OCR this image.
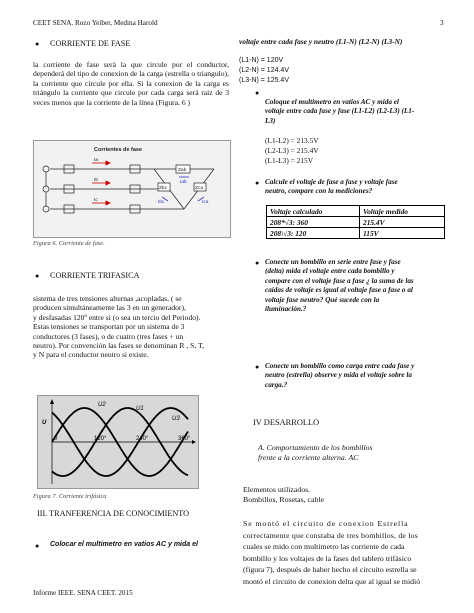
CEET SENA. Rozo Yeiber, Medina Harold	3
● CORRIENTE DE FASE
la corriente de fase será la que circule por el conductor, dependerá del tipo de conexion de la carga (estrella o triangulo), la corriente que circule por ella. Si la conexion de la carga es triángulo la corriente que circule por cada carga será raiz de 3 veces menos que la corriente de la línea (Figura. 6 )
Corrientes de fase
Ia
Ib
Ic
Zab
Zbc	Zca
Iab
Ibc	Ica
Figura 6. Corriente de fase.
● CORRIENTE TRIFASICA
sistema de tres tensiones alternas ,acopladas, ( se
producen simultáneamente las 3 en un generador),
y desfasadas 120º entre si (o sea un tercio del Periodo).
Estas tensiones se transportan por un sistema de 3
conductores (3 fases), o de cuatro (tres fases + un
neutro). Por convención las fases se denominan R , S, T,
y N para el conductor neutro si existe.
U
U1
U2
U3
120°	240°	360°
0
Figura 7. Corriente trifásica
III. TRANFERENCIA DE CONOCIMIENTO
● Colocar el multimetro en vatios AC y mida el
Informe IEEE. SENA CEET. 2015
voltaje entre cada fase y neutro (L1-N) (L2-N) (L3-N)
(L1-N) = 120V
(L2-N) = 124.4V
(L3-N) = 125.4V
●
Coloque el multimetro en vatios AC y mida el
voltaje entre cada fase y fase (L1-L2) (L2-L3) (L1-
L3)
(L1-L2) = 213.5V
(L2-L3) = 215.4V
(L1-L3) = 215V
● Calcule el voltaje de fase a fase y voltaje fase
neutro, compare con la mediciones?
Voltaje calculado	Voltaje medido
208*√3: 360	215.4V
208\√3: 120	115V
● Conecte un bombillo en serie entre fase y fase
(delta) mida el voltaje entre cada bombillo y
compare con el voltaje fase a fase ¿ la suma de las
caídas de voltaje es igual al voltaje fase a fase o al
voltaje fase neutro? Qué sucede con la
iluminación.?
● Conecte un bombillo como carga entre cada fase y
neutro (estrella) observe y mida el voltaje sobre la
carga.?
IV DESARROLLO
A. Comportamiento de los bombillos
frente a la corriente alterna. AC
Elementos utilizados.
Bombillos, Rosetas, cable
Se montó el circuito de conexion Estrella
correctamente que constaba de tres bombillos, de los
cuales se mido con multimetro las corriente de cada
bombillo y los voltajes de la fases del tablero trifásico
(figura 7), después de haber hecho el circuito estrella se
montó el circuito de conexion delta que al igual se midió
